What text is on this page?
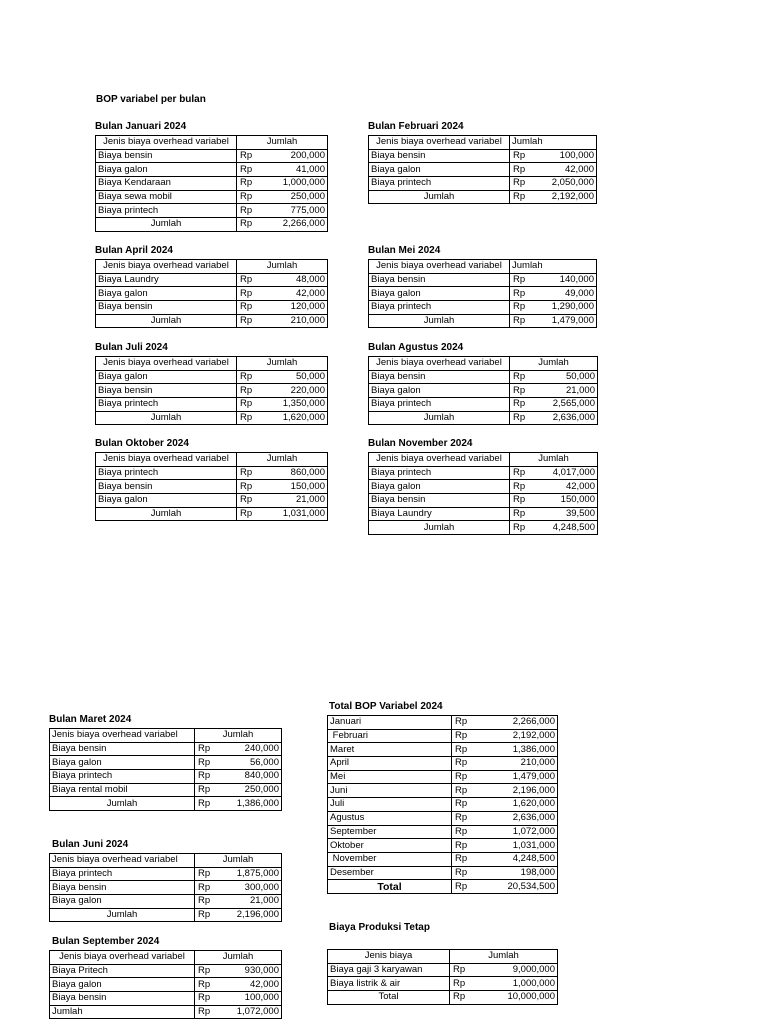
BOP variabel per bulan
Bulan Januari 2024
Jenis biaya overhead variabel	Jumlah	
Biaya bensin	Rp	200,000
Biaya galon	Rp	41,000
Biaya Kendaraan	Rp	1,000,000
Biaya sewa mobil	Rp	250,000
Biaya printech	Rp	775,000
Jumlah	Rp	2,266,000
Bulan Februari 2024
Jenis biaya overhead variabel	Jumlah	
Biaya bensin	Rp	100,000
Biaya galon	Rp	42,000
Biaya printech	Rp	2,050,000
Jumlah	Rp	2,192,000
Bulan April 2024
Jenis biaya overhead variabel	Jumlah	
Biaya Laundry	Rp	48,000
Biaya galon	Rp	42,000
Biaya bensin	Rp	120,000
Jumlah	Rp	210,000
Bulan Mei 2024
Jenis biaya overhead variabel	Jumlah	
Biaya bensin	Rp	140,000
Biaya galon	Rp	49,000
Biaya printech	Rp	1,290,000
Jumlah	Rp	1,479,000
Bulan Juli 2024
Jenis biaya overhead variabel	Jumlah	
Biaya galon	Rp	50,000
Biaya bensin	Rp	220,000
Biaya printech	Rp	1,350,000
Jumlah	Rp	1,620,000
Bulan Agustus 2024
Jenis biaya overhead variabel	Jumlah	
Biaya bensin	Rp	50,000
Biaya galon	Rp	21,000
Biaya printech	Rp	2,565,000
Jumlah	Rp	2,636,000
Bulan Oktober 2024
Jenis biaya overhead variabel	Jumlah	
Biaya printech	Rp	860,000
Biaya bensin	Rp	150,000
Biaya galon	Rp	21,000
Jumlah	Rp	1,031,000
Bulan November 2024
Jenis biaya overhead variabel	Jumlah	
Biaya printech	Rp	4,017,000
Biaya galon	Rp	42,000
Biaya bensin	Rp	150,000
Biaya Laundry	Rp	39,500
Jumlah	Rp	4,248,500
Bulan Maret 2024
Jenis biaya overhead variabel	Jumlah	
Biaya bensin	Rp	240,000
Biaya galon	Rp	56,000
Biaya printech	Rp	840,000
Biaya rental mobil	Rp	250,000
Jumlah	Rp	1,386,000
Bulan Juni 2024
Jenis biaya overhead variabel	Jumlah	
Biaya printech	Rp	1,875,000
Biaya bensin	Rp	300,000
Biaya galon	Rp	21,000
Jumlah	Rp	2,196,000
Bulan September 2024
Jenis biaya overhead variabel	Jumlah	
Biaya Pritech	Rp	930,000
Biaya galon	Rp	42,000
Biaya bensin	Rp	100,000
Jumlah	Rp	1,072,000
Total BOP Variabel 2024
Januari	Rp	2,266,000
Februari	Rp	2,192,000
Maret	Rp	1,386,000
April	Rp	210,000
Mei	Rp	1,479,000
Juni	Rp	2,196,000
Juli	Rp	1,620,000
Agustus	Rp	2,636,000
September	Rp	1,072,000
Oktober	Rp	1,031,000
November	Rp	4,248,500
Desember	Rp	198,000
Total	Rp	20,534,500
Biaya Produksi Tetap
Jenis biaya	Jumlah	
Biaya gaji 3 karyawan	Rp	9,000,000
Biaya listrik & air	Rp	1,000,000
Total	Rp	10,000,000
